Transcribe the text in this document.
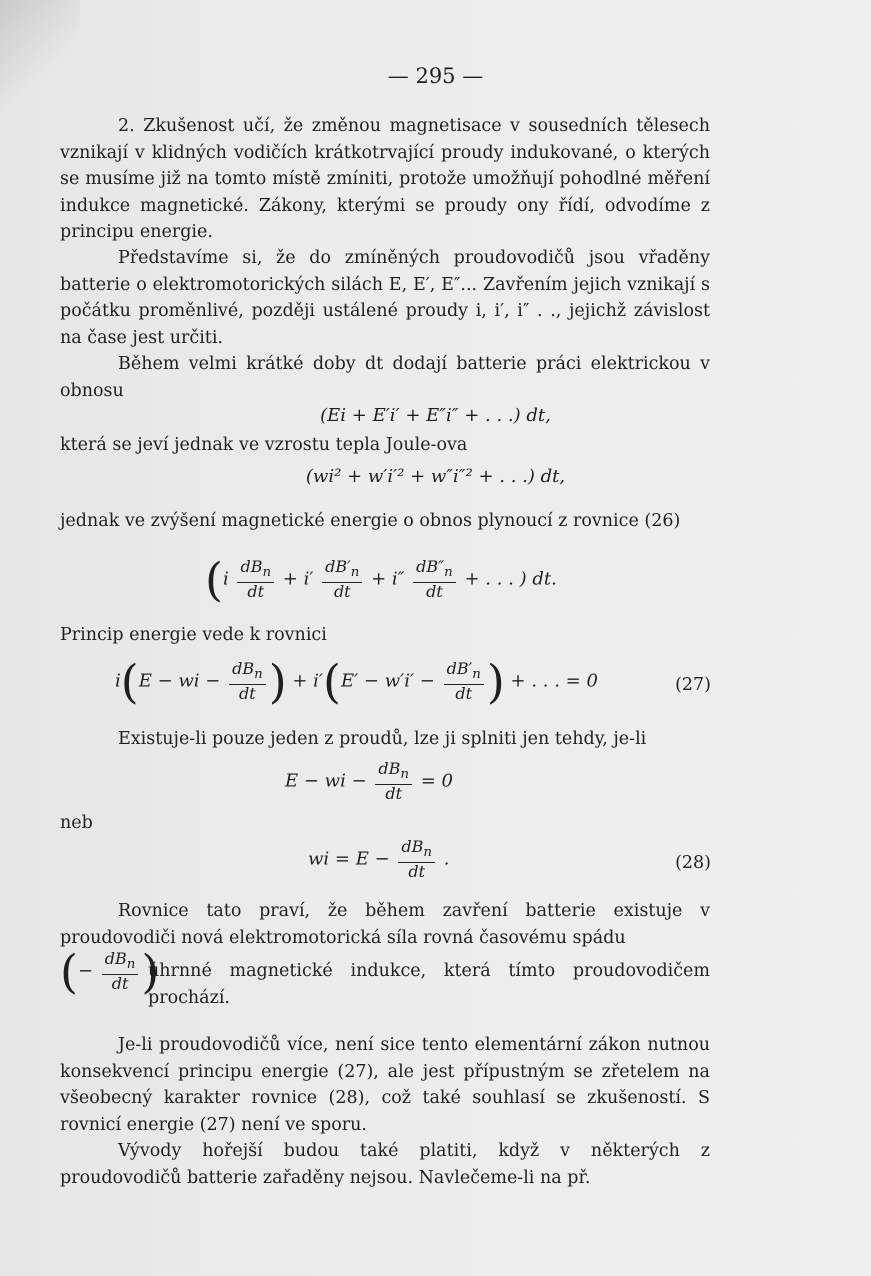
— 295 —

2. Zkušenost učí, že změnou magnetisace v sousedních tělesech vznikají v klidných vodičích krátkotrvající proudy indukované, o kterých se musíme již na tomto místě zmíniti, protože umožňují pohodlné měření indukce magnetické. Zákony, kterými se proudy ony řídí, odvodíme z principu energie.

Představíme si, že do zmíněných proudovodičů jsou vřaděny batterie o elektromotorických silách E, E′, E″... Zavřením jejich vznikají s počátku proměnlivé, později ustálené proudy i, i′, i″ . ., jejichž závislost na čase jest určiti.

Během velmi krátké doby dt dodají batterie práci elektrickou v obnosu

(Ei + E′i′ + E″i″ + . . .) dt,

která se jeví jednak ve vzrostu tepla Joule-ova

(wi² + w′i′² + w″i″² + . . .) dt,

jednak ve zvýšení magnetické energie o obnos plynoucí z rovnice (26)

($i \frac{dB_n}{dt} + i' \frac{dB'_n}{dt} + i'' \frac{dB''_n}{dt}$ + . . . ) dt.

Princip energie vede k rovnici

i(E − wi − $\frac{dB_n}{dt}$ ) + $i'(E' - w'i' - \frac{dB'_n}{dt}$ ) + . . . = 0	(27)

Existuje-li pouze jeden z proudů, lze ji splniti jen tehdy, je-li

E − wi − $\frac{dB_n}{dt} = 0$

neb

wi = $E - \frac{dB_n}{dt}$ .	(28)

Rovnice tato praví, že během zavření batterie existuje v proudovodiči nová elektromotorická síla rovná časovému spádu

(− $\frac{dB_n}{dt}$ )

úhrnné magnetické indukce, která tímto proudovodičem prochází.

Je-li proudovodičů více, není sice tento elementární zákon nutnou konsekvencí principu energie (27), ale jest přípustným se zřetelem na všeobecný karakter rovnice (28), což také souhlasí se zkušeností. S rovnicí energie (27) není ve sporu.

Vývody hořejší budou také platiti, když v některých z proudovodičů batterie zařaděny nejsou. Navlečeme-li na př.
